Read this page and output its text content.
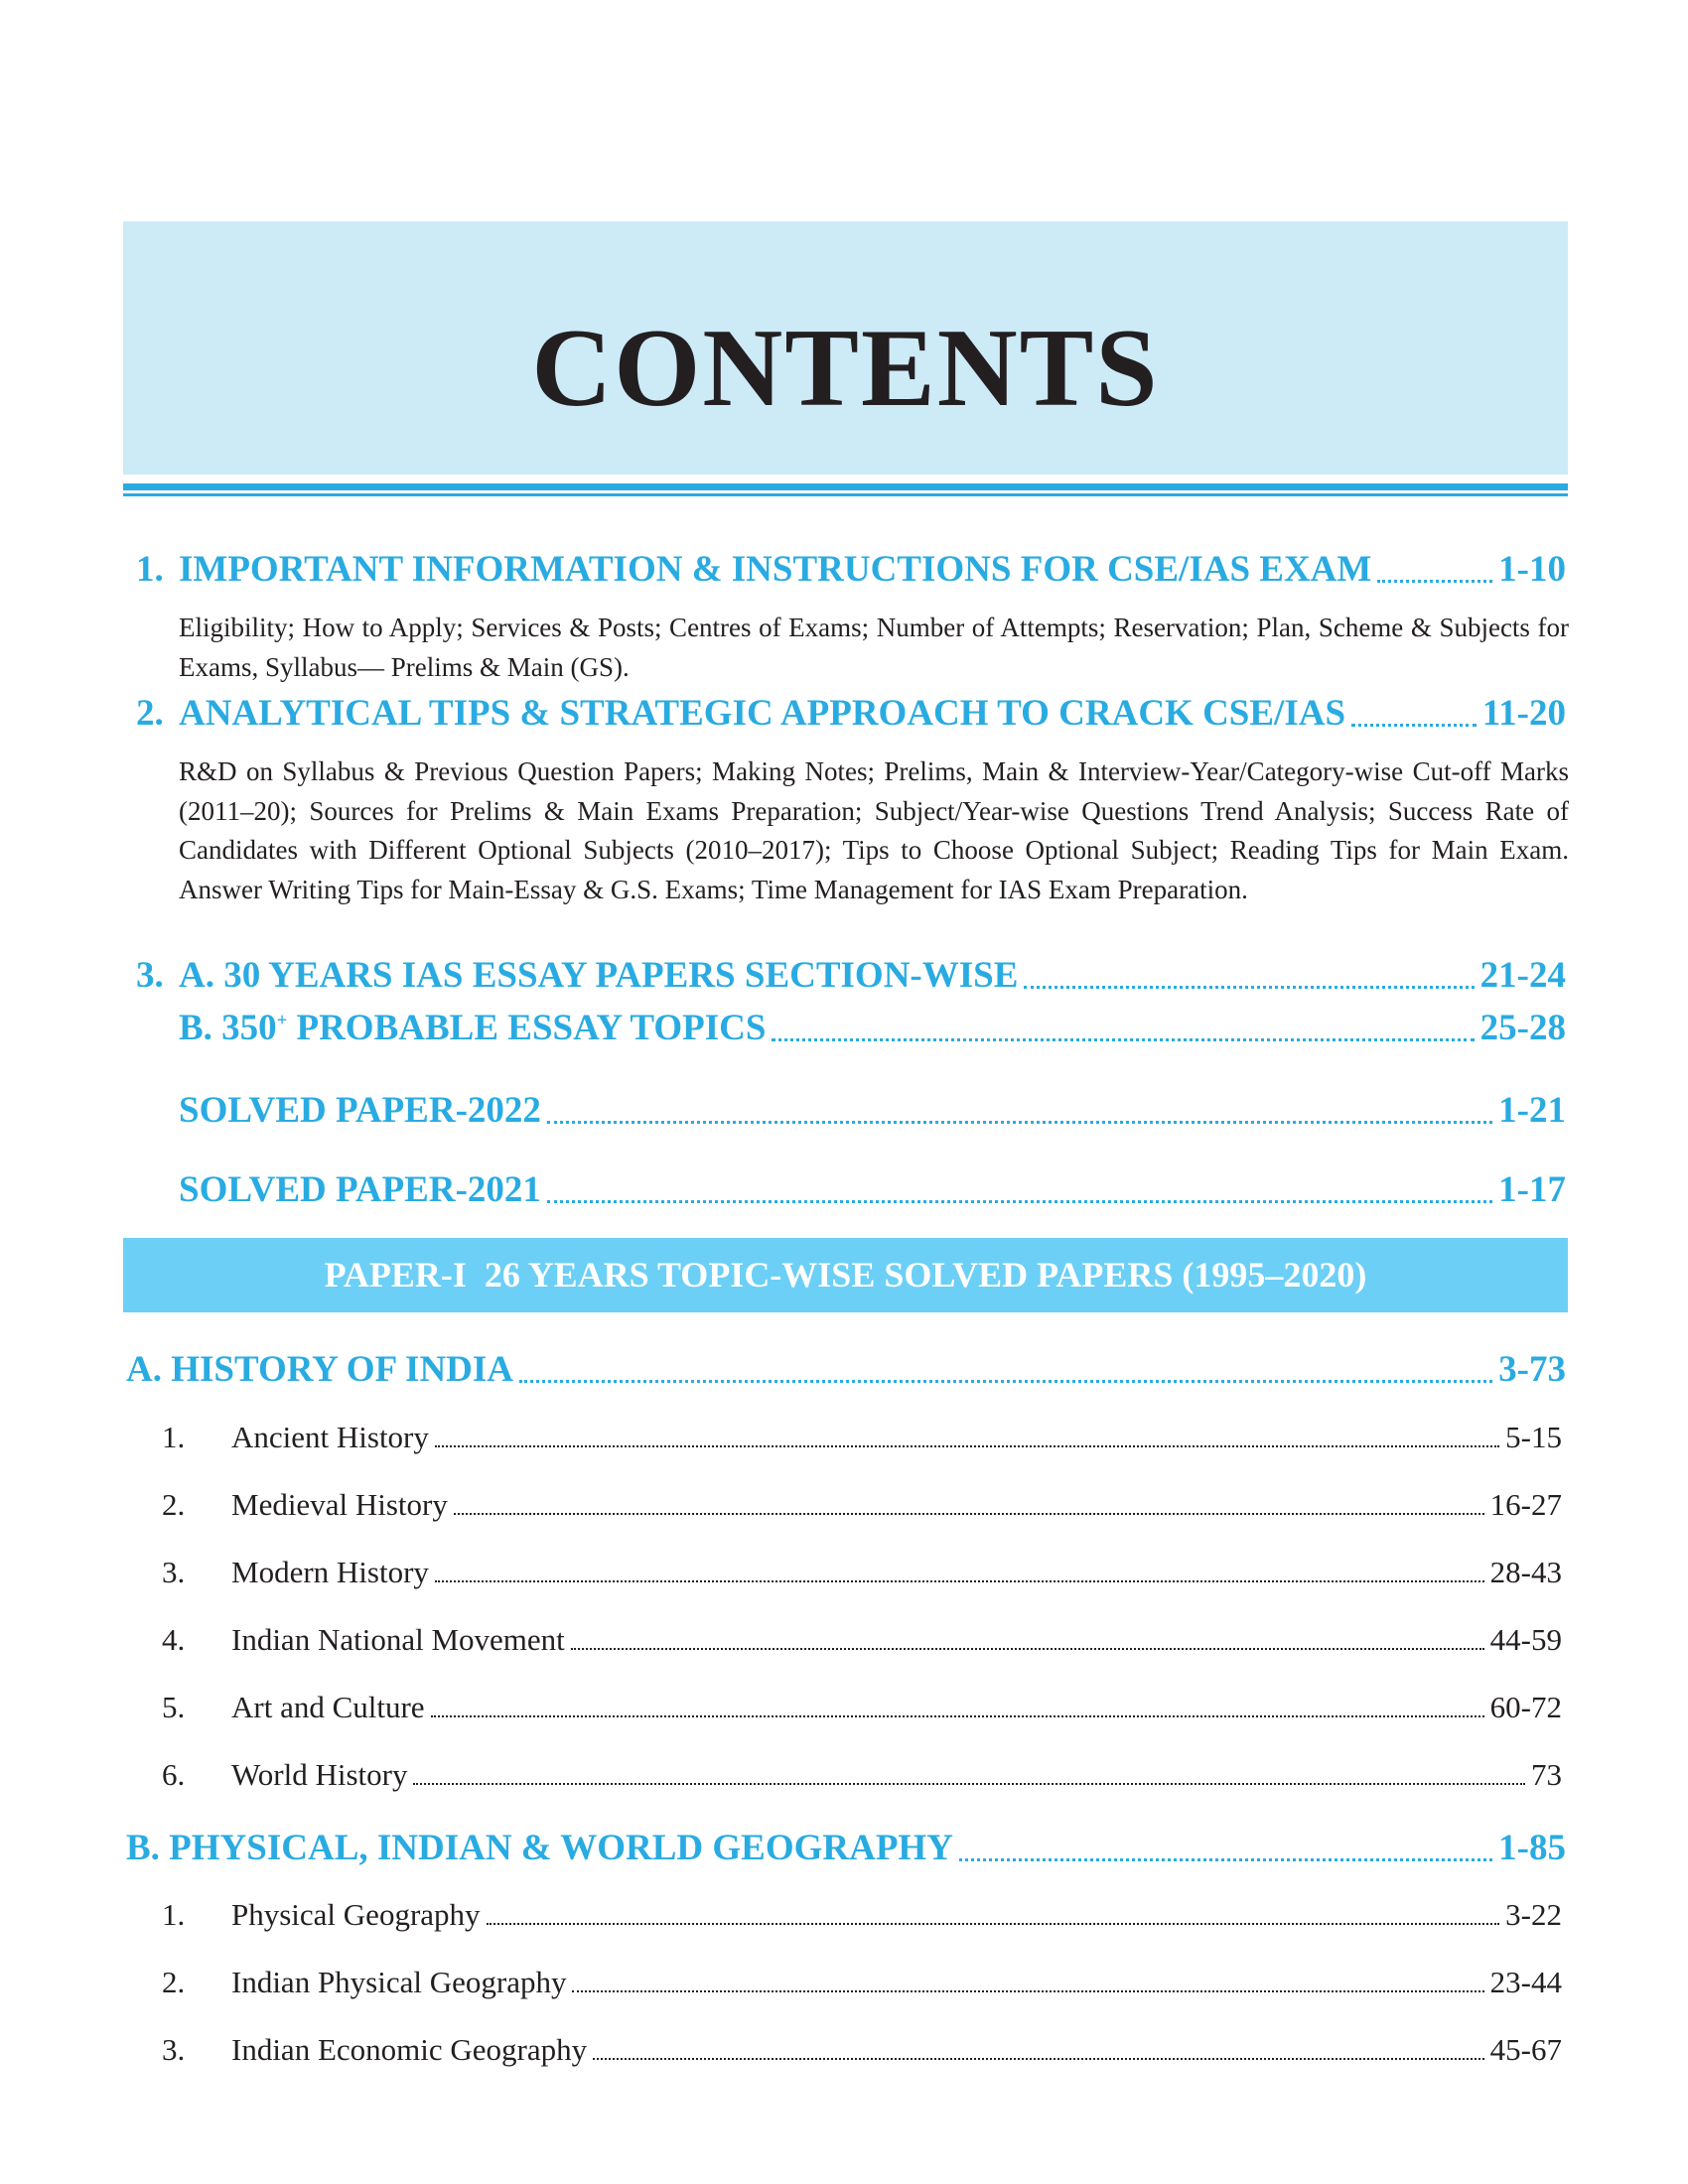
CONTENTS
1. IMPORTANT INFORMATION & INSTRUCTIONS FOR CSE/IAS EXAM	1-10

Eligibility; How to Apply; Services & Posts; Centres of Exams; Number of Attempts; Reservation; Plan, Scheme & Subjects for Exams, Syllabus— Prelims & Main (GS).

2. ANALYTICAL TIPS & STRATEGIC APPROACH TO CRACK CSE/IAS	11-20

R&D on Syllabus & Previous Question Papers; Making Notes; Prelims, Main & Interview-Year/Category-wise Cut-off Marks (2011–20); Sources for Prelims & Main Exams Preparation; Subject/Year-wise Questions Trend Analysis; Success Rate of Candidates with Different Optional Subjects (2010–2017); Tips to Choose Optional Subject; Reading Tips for Main Exam. Answer Writing Tips for Main-Essay & G.S. Exams; Time Management for IAS Exam Preparation.

3. A. 30 YEARS IAS ESSAY PAPERS SECTION-WISE	21-24
B. 350+ PROBABLE ESSAY TOPICS	25-28
SOLVED PAPER-2022	1-21
SOLVED PAPER-2021	1-17
PAPER-I  26 YEARS TOPIC-WISE SOLVED PAPERS (1995–2020)
A. HISTORY OF INDIA	3-73
1.	Ancient History	5-15
2.	Medieval History	16-27
3.	Modern History	28-43
4.	Indian National Movement	44-59
5.	Art and Culture	60-72
6.	World History	73
B. PHYSICAL, INDIAN & WORLD GEOGRAPHY	1-85
1.	Physical Geography	3-22
2.	Indian Physical Geography	23-44
3.	Indian Economic Geography	45-67
